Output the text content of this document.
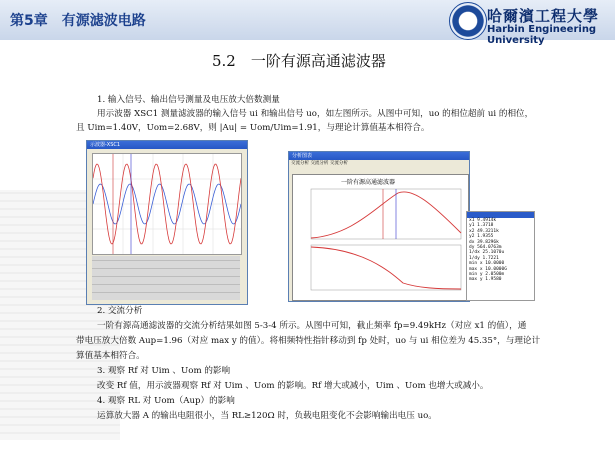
第5章　有源滤波电路	哈爾濱工程大學
Harbin Engineering University
5.2　一阶有源高通滤波器
1. 输入信号、输出信号测量及电压放大倍数测量
用示波器 XSC1 测量滤波器的输入信号 ui 和输出信号 uo，如左图所示。从图中可知，uo 的相位超前 ui 的相位，
且 Uim=1.40V，Uom=2.68V，则 |Au| = Uom/Uim=1.91，与理论计算值基本相符合。
示波器-XSC1
分析图表
交流分析 交流分析 交流分析
一阶有源高通滤波器
x1 9.4914k
y1 1.3718
x2 49.3211k
y2 1.9355
dx 39.8296k
dy 564.0763m
1/dx 25.1070u
1/dy 1.7221
min x 10.0000
max x 10.0000G
min y 2.0500m
max y 1.9580
2. 交流分析
一阶有源高通滤波器的交流分析结果如图 5-3-4 所示。从图中可知，截止频率 fp=9.49kHz（对应 x1 的值），通
带电压放大倍数 Aup=1.96（对应 max y 的值）。将相频特性指针移动到 fp 处时，uo 与 ui 相位差为 45.35°，与理论计
算值基本相符合。
3. 观察 Rf 对 Uim 、Uom 的影响
改变 Rf 值，用示波器观察 Rf 对 Uim 、Uom 的影响。Rf 增大或减小，Uim 、Uom 也增大或减小。
4. 观察 RL 对 Uom（Aup）的影响
运算放大器 A 的输出电阻很小，当 RL≥120Ω 时，负载电阻变化不会影响输出电压 uo。
